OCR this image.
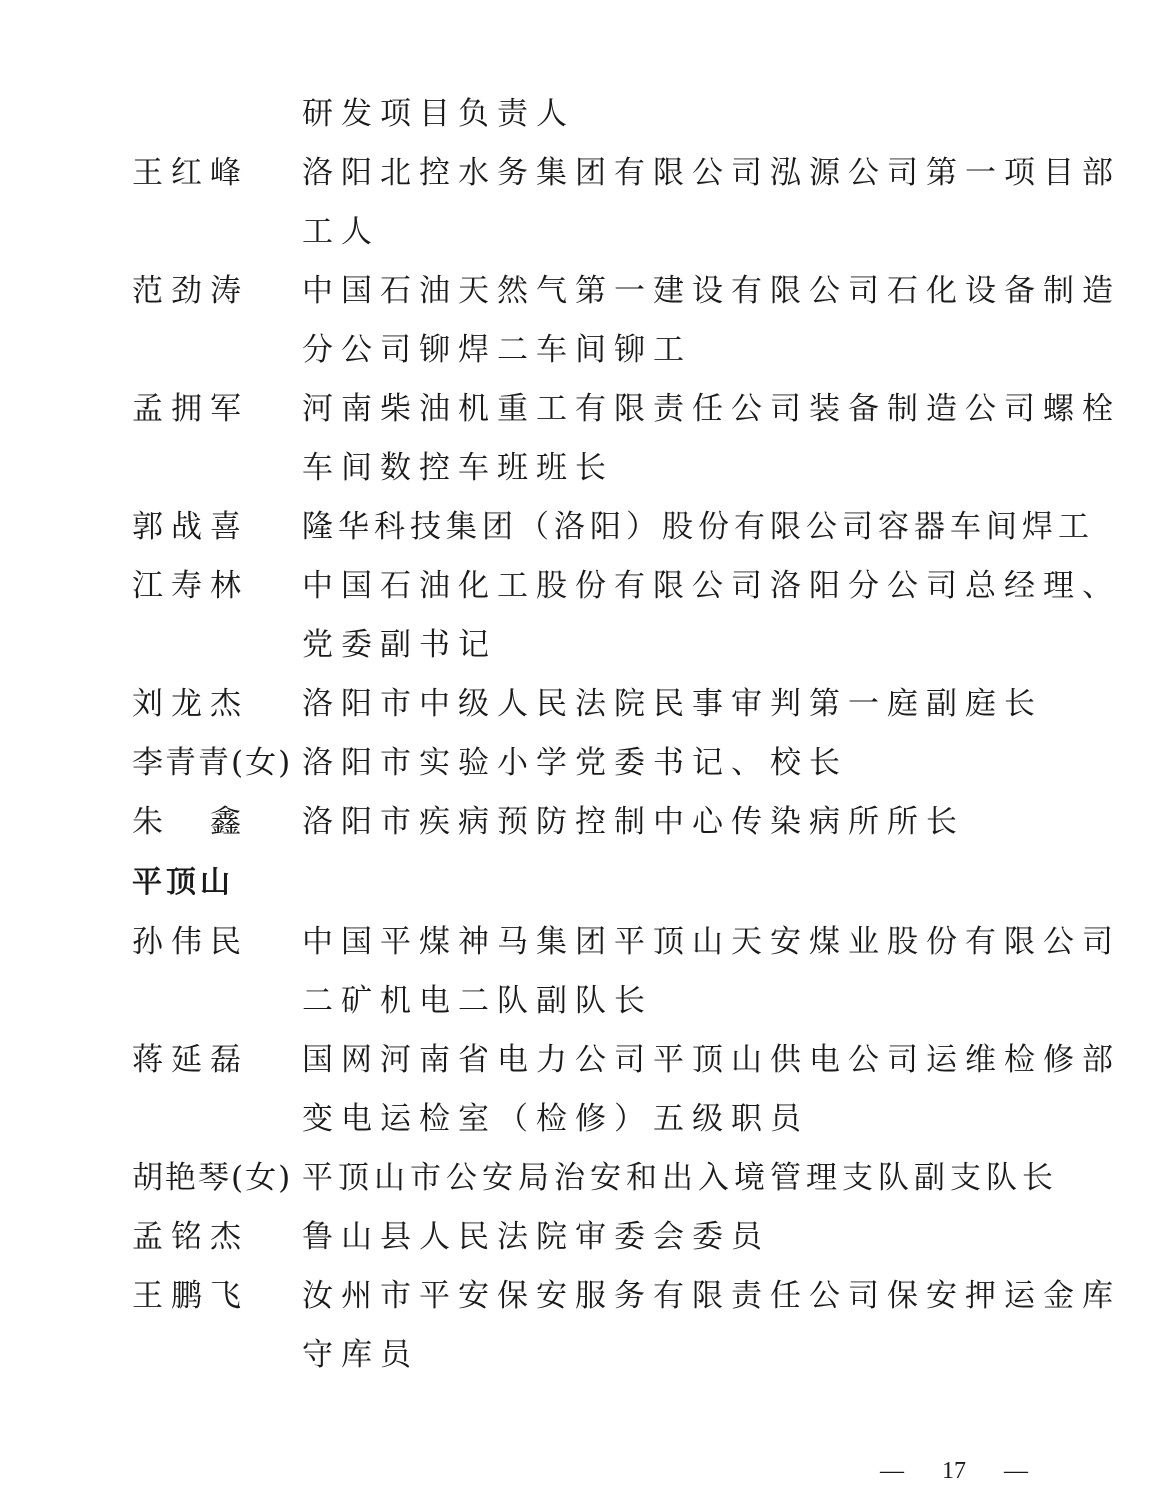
研发项目负责人
王红峰 洛阳北控水务集团有限公司泓源公司第一项目部
工人
范劲涛 中国石油天然气第一建设有限公司石化设备制造
分公司铆焊二车间铆工
孟拥军 河南柴油机重工有限责任公司装备制造公司螺栓
车间数控车班班长
郭战喜 隆华科技集团（洛阳）股份有限公司容器车间焊工
江寿林 中国石油化工股份有限公司洛阳分公司总经理、
党委副书记
刘龙杰 洛阳市中级人民法院民事审判第一庭副庭长
李青青(女) 洛阳市实验小学党委书记、校长
朱　鑫 洛阳市疾病预防控制中心传染病所所长
平顶山
孙伟民 中国平煤神马集团平顶山天安煤业股份有限公司
二矿机电二队副队长
蒋延磊 国网河南省电力公司平顶山供电公司运维检修部
变电运检室（检修）五级职员
胡艳琴(女) 平顶山市公安局治安和出入境管理支队副支队长
孟铭杰 鲁山县人民法院审委会委员
王鹏飞 汝州市平安保安服务有限责任公司保安押运金库
守库员
— 17 —
